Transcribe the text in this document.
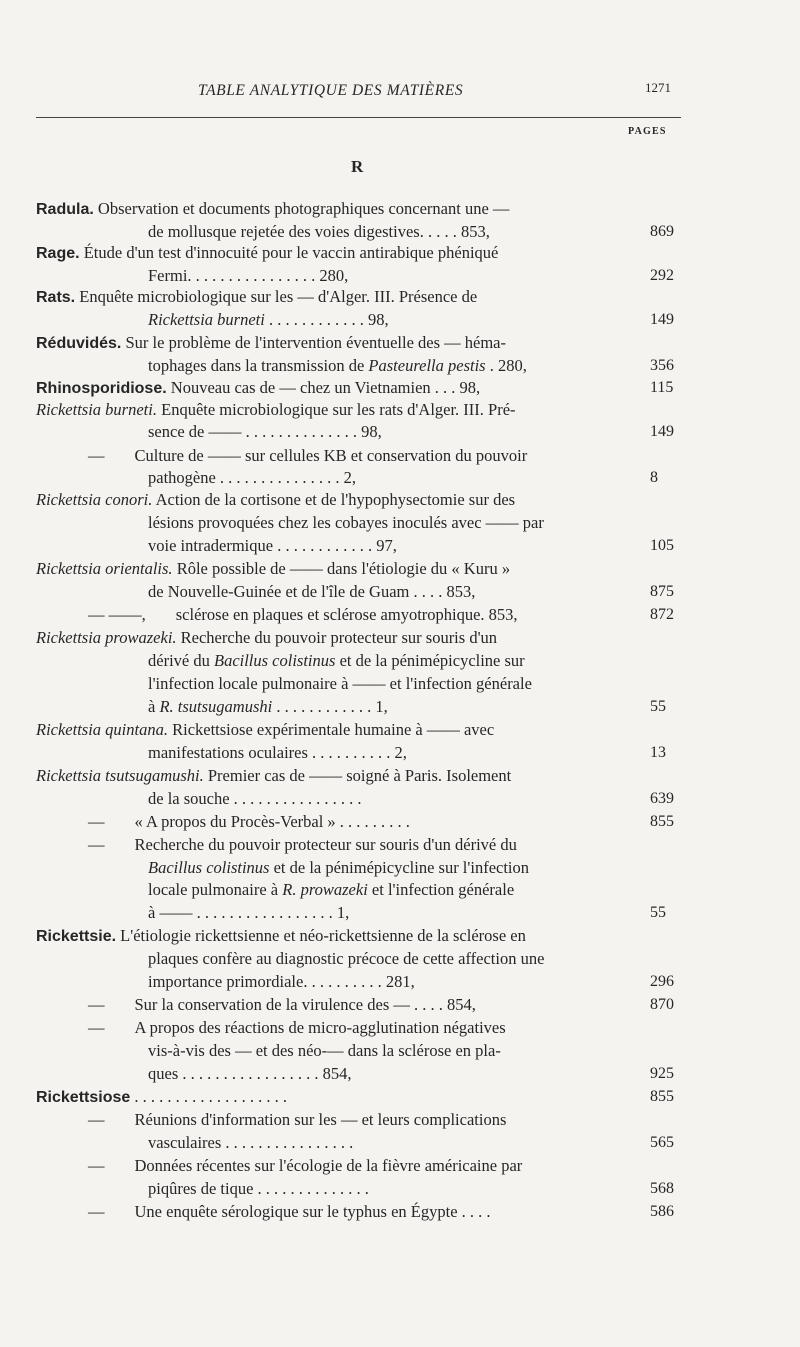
TABLE ANALYTIQUE DES MATIÈRES	1271
PAGES
R
Radula. Observation et documents photographiques concernant une —
de mollusque rejetée des voies digestives. . . . . 853,	869
Rage. Étude d'un test d'innocuité pour le vaccin antirabique phéniqué
Fermi. . . . . . . . . . . . . . . . 280,	292
Rats. Enquête microbiologique sur les — d'Alger. III. Présence de
Rickettsia burneti . . . . . . . . . . . . 98,	149
Réduvidés. Sur le problème de l'intervention éventuelle des — héma-
tophages dans la transmission de Pasteurella pestis . 280,	356
Rhinosporidiose. Nouveau cas de — chez un Vietnamien . . . 98,	115
Rickettsia burneti. Enquête microbiologique sur les rats d'Alger. III. Pré-
sence de —— . . . . . . . . . . . . . . 98,	149
— Culture de —— sur cellules KB et conservation du pouvoir
pathogène . . . . . . . . . . . . . . . 2,	8
Rickettsia conori. Action de la cortisone et de l'hypophysectomie sur des
lésions provoquées chez les cobayes inoculés avec —— par
voie intradermique . . . . . . . . . . . . 97,	105
Rickettsia orientalis. Rôle possible de —— dans l'étiologie du « Kuru »
de Nouvelle-Guinée et de l'île de Guam . . . . 853,	875
— ——, sclérose en plaques et sclérose amyotrophique. 853,	872
Rickettsia prowazeki. Recherche du pouvoir protecteur sur souris d'un
dérivé du Bacillus colistinus et de la pénimépicycline sur
l'infection locale pulmonaire à —— et l'infection générale
à R. tsutsugamushi . . . . . . . . . . . . 1,	55
Rickettsia quintana. Rickettsiose expérimentale humaine à —— avec
manifestations oculaires . . . . . . . . . . 2,	13
Rickettsia tsutsugamushi. Premier cas de —— soigné à Paris. Isolement
de la souche . . . . . . . . . . . . . . . .	639
— « A propos du Procès-Verbal » . . . . . . . . .	855
— Recherche du pouvoir protecteur sur souris d'un dérivé du
Bacillus colistinus et de la pénimépicycline sur l'infection
locale pulmonaire à R. prowazeki et l'infection générale
à —— . . . . . . . . . . . . . . . . . 1,	55
Rickettsie. L'étiologie rickettsienne et néo-rickettsienne de la sclérose en
plaques confère au diagnostic précoce de cette affection une
importance primordiale. . . . . . . . . . 281,	296
— Sur la conservation de la virulence des — . . . . 854,	870
— A propos des réactions de micro-agglutination négatives
vis-à-vis des — et des néo-— dans la sclérose en pla-
ques . . . . . . . . . . . . . . . . . 854,	925
Rickettsiose . . . . . . . . . . . . . . . . . . .	855
— Réunions d'information sur les — et leurs complications
vasculaires . . . . . . . . . . . . . . . .	565
— Données récentes sur l'écologie de la fièvre américaine par
piqûres de tique . . . . . . . . . . . . . .	568
— Une enquête sérologique sur le typhus en Égypte . . . .	586
